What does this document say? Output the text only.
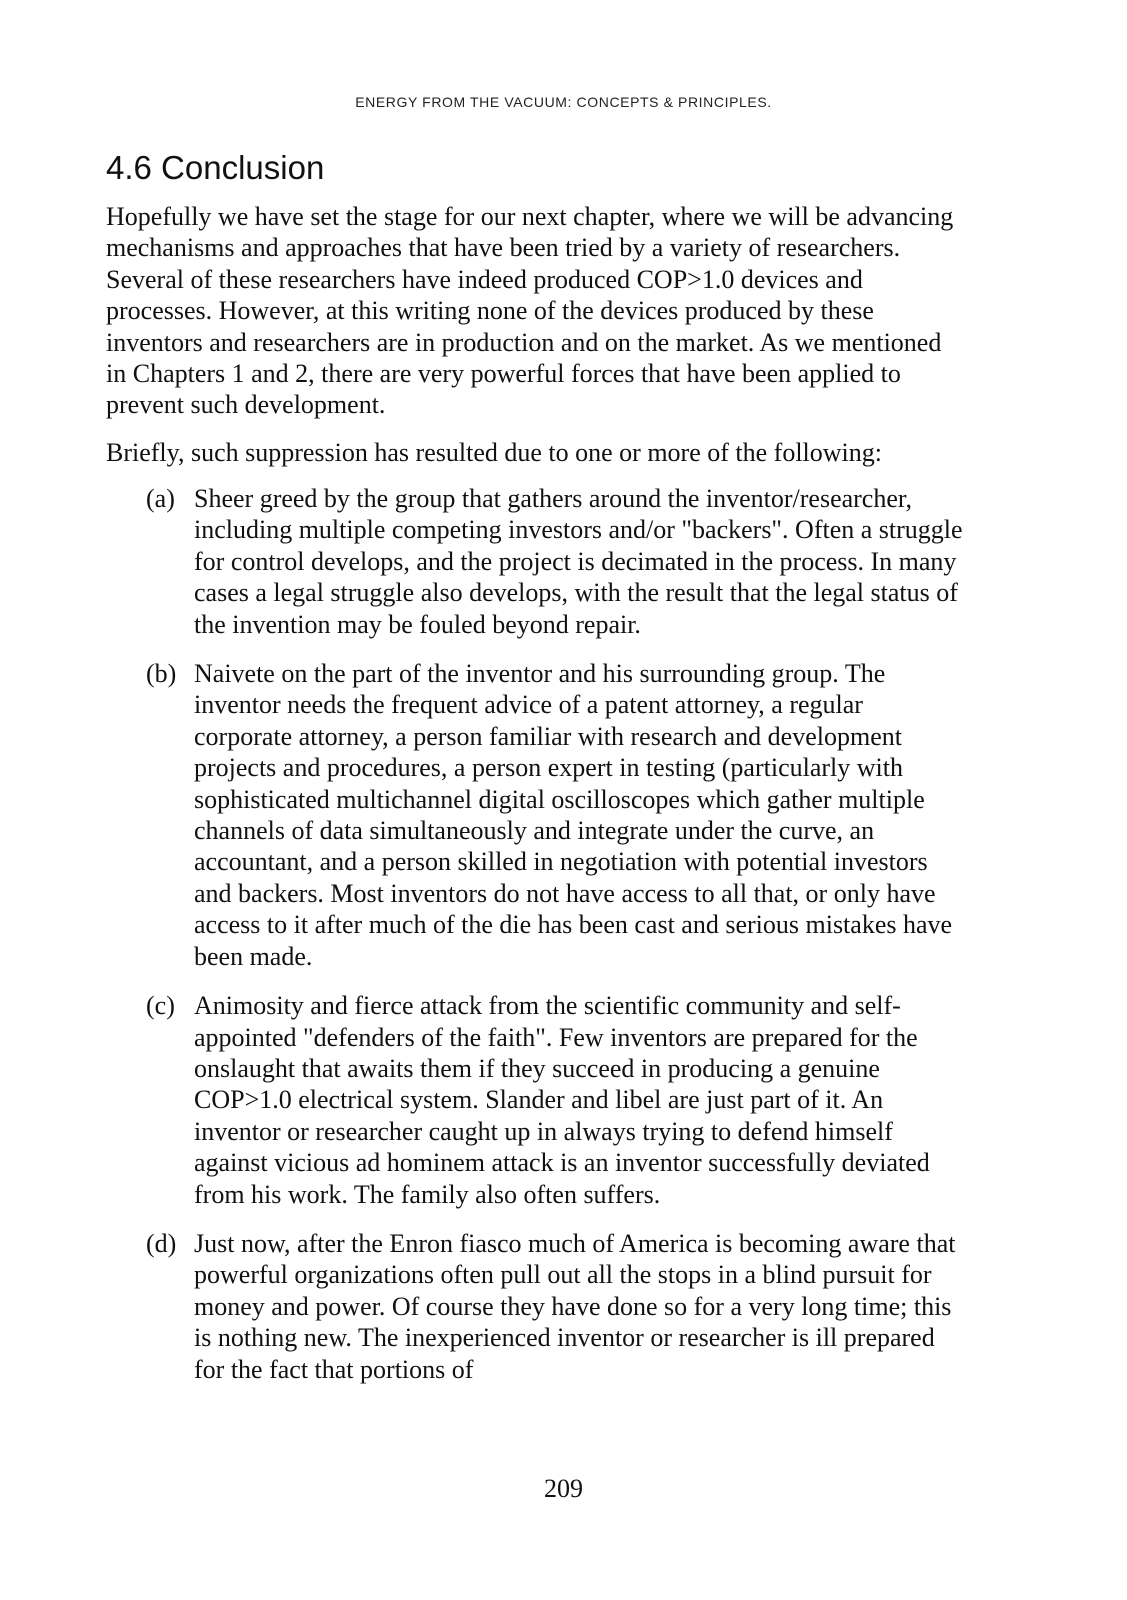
ENERGY FROM THE VACUUM: CONCEPTS & PRINCIPLES.
4.6 Conclusion

Hopefully we have set the stage for our next chapter, where we will be advancing mechanisms and approaches that have been tried by a variety of researchers. Several of these researchers have indeed produced COP>1.0 devices and processes. However, at this writing none of the devices produced by these inventors and researchers are in production and on the market. As we mentioned in Chapters 1 and 2, there are very powerful forces that have been applied to prevent such development.

Briefly, such suppression has resulted due to one or more of the following:

(a) Sheer greed by the group that gathers around the inventor/researcher, including multiple competing investors and/or "backers". Often a struggle for control develops, and the project is decimated in the process. In many cases a legal struggle also develops, with the result that the legal status of the invention may be fouled beyond repair.
(b) Naivete on the part of the inventor and his surrounding group. The inventor needs the frequent advice of a patent attorney, a regular corporate attorney, a person familiar with research and development projects and procedures, a person expert in testing (particularly with sophisticated multichannel digital oscilloscopes which gather multiple channels of data simultaneously and integrate under the curve, an accountant, and a person skilled in negotiation with potential investors and backers. Most inventors do not have access to all that, or only have access to it after much of the die has been cast and serious mistakes have been made.
(c) Animosity and fierce attack from the scientific community and self-appointed "defenders of the faith". Few inventors are prepared for the onslaught that awaits them if they succeed in producing a genuine COP>1.0 electrical system. Slander and libel are just part of it. An inventor or researcher caught up in always trying to defend himself against vicious ad hominem attack is an inventor successfully deviated from his work. The family also often suffers.
(d) Just now, after the Enron fiasco much of America is becoming aware that powerful organizations often pull out all the stops in a blind pursuit for money and power. Of course they have done so for a very long time; this is nothing new. The inexperienced inventor or researcher is ill prepared for the fact that portions of
209
